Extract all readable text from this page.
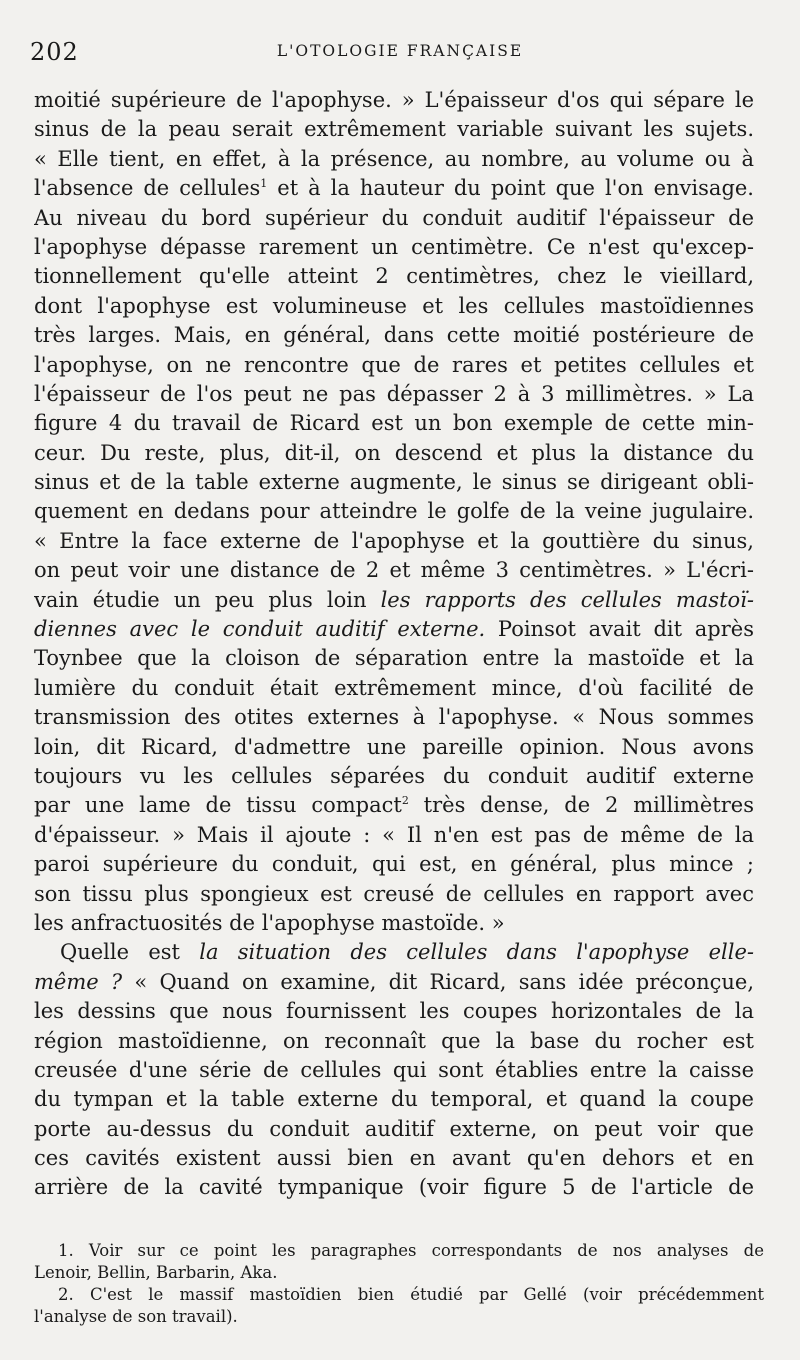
202	L'OTOLOGIE FRANÇAISE
moitié supérieure de l'apophyse. » L'épaisseur d'os qui sépare le
sinus de la peau serait extrêmement variable suivant les sujets.
« Elle tient, en effet, à la présence, au nombre, au volume ou à
l'absence de cellules$^1$ et à la hauteur du point que l'on envisage.
Au niveau du bord supérieur du conduit auditif l'épaisseur de
l'apophyse dépasse rarement un centimètre. Ce n'est qu'excep-
tionnellement qu'elle atteint 2 centimètres, chez le vieillard,
dont l'apophyse est volumineuse et les cellules mastoïdiennes
très larges. Mais, en général, dans cette moitié postérieure de
l'apophyse, on ne rencontre que de rares et petites cellules et
l'épaisseur de l'os peut ne pas dépasser 2 à 3 millimètres. » La
figure 4 du travail de Ricard est un bon exemple de cette min-
ceur. Du reste, plus, dit-il, on descend et plus la distance du
sinus et de la table externe augmente, le sinus se dirigeant obli-
quement en dedans pour atteindre le golfe de la veine jugulaire.
« Entre la face externe de l'apophyse et la gouttière du sinus,
on peut voir une distance de 2 et même 3 centimètres. » L'écri-
vain étudie un peu plus loin les rapports des cellules mastoï-
diennes avec le conduit auditif externe. Poinsot avait dit après
Toynbee que la cloison de séparation entre la mastoïde et la
lumière du conduit était extrêmement mince, d'où facilité de
transmission des otites externes à l'apophyse. « Nous sommes
loin, dit Ricard, d'admettre une pareille opinion. Nous avons
toujours vu les cellules séparées du conduit auditif externe
par une lame de tissu compact$^2$ très dense, de 2 millimètres
d'épaisseur. » Mais il ajoute : « Il n'en est pas de même de la
paroi supérieure du conduit, qui est, en général, plus mince ;
son tissu plus spongieux est creusé de cellules en rapport avec
les anfractuosités de l'apophyse mastoïde. »
Quelle est la situation des cellules dans l'apophyse elle-
même ? « Quand on examine, dit Ricard, sans idée préconçue,
les dessins que nous fournissent les coupes horizontales de la
région mastoïdienne, on reconnaît que la base du rocher est
creusée d'une série de cellules qui sont établies entre la caisse
du tympan et la table externe du temporal, et quand la coupe
porte au-dessus du conduit auditif externe, on peut voir que
ces cavités existent aussi bien en avant qu'en dehors et en
arrière de la cavité tympanique (voir figure 5 de l'article de
1. Voir sur ce point les paragraphes correspondants de nos analyses de
Lenoir, Bellin, Barbarin, Aka.
2. C'est le massif mastoïdien bien étudié par Gellé (voir précédemment
l'analyse de son travail).
